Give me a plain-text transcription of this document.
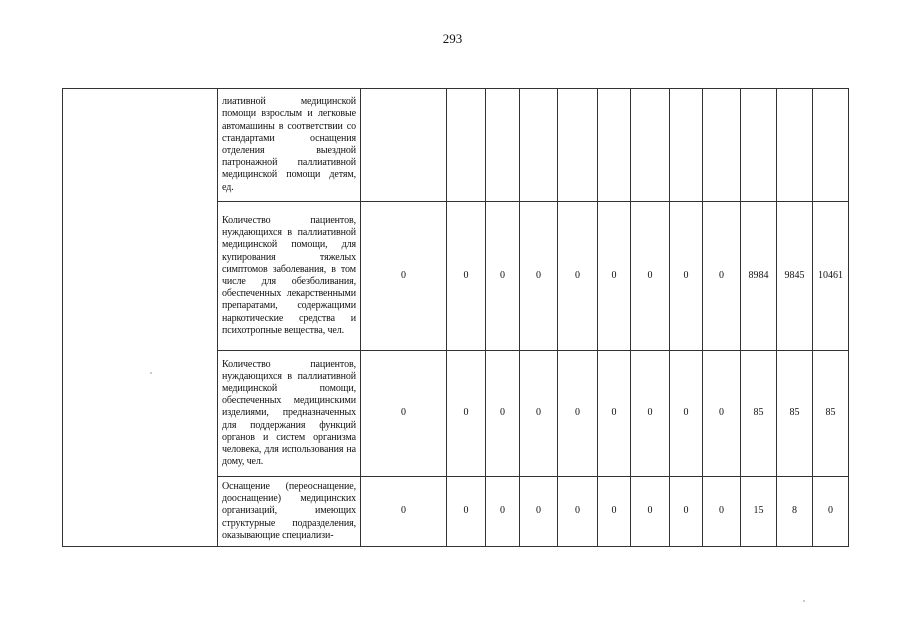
293
	лиативной медицинской помощи взрослым и легковые автомашины в соответствии со стандартами оснащения отделения выездной патронажной паллиативной медицинской помощи детям, ед.												
	Количество пациентов, нуждающихся в паллиативной медицинской помощи, для купирования тяжелых симптомов заболевания, в том числе для обезболивания, обеспеченных лекарственными препаратами, содержащими наркотические средства и психотропные вещества, чел.	0	0	0	0	0	0	0	0	0	8984	9845	10461
	Количество пациентов, нуждающихся в паллиативной медицинской помощи, обеспеченных медицинскими изделиями, предназначенных для поддержания функций органов и систем организма человека, для использования на дому, чел.	0	0	0	0	0	0	0	0	0	85	85	85
	Оснащение (переоснащение, дооснащение) медицинских организаций, имеющих структурные подразделения, оказывающие специализи-	0	0	0	0	0	0	0	0	0	15	8	0
